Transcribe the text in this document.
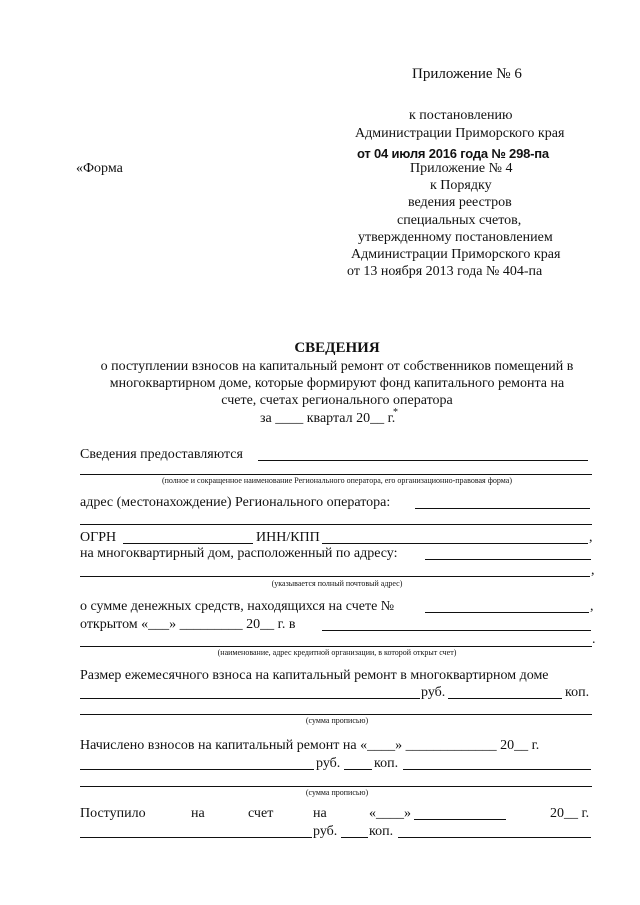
Приложение № 6
к постановлению
Администрации Приморского края
от 04 июля 2016 года № 298-па
«Форма	Приложение № 4
к Порядку
ведения реестров
специальных счетов,
утвержденному постановлением
Администрации Приморского края
от 13 ноября 2013 года № 404-па
СВЕДЕНИЯ
о поступлении взносов на капитальный ремонт от собственников помещений в
многоквартирном доме, которые формируют фонд капитального ремонта на
счете, счетах регионального оператора
за ____ квартал 20__ г.
*
Сведения предоставляются
(полное и сокращенное наименование Регионального оператора, его организационно-правовая форма)
адрес (местонахождение) Регионального оператора:
ОГРН	ИНН/КПП	,
на многоквартирный дом, расположенный по адресу:
,
(указывается полный почтовый адрес)
о сумме денежных средств, находящихся на счете №	,
открытом «___» _________ 20__ г. в
.
(наименование, адрес кредитной организации, в которой открыт счет)
Размер ежемесячного взноса на капитальный ремонт в многоквартирном доме
руб.	коп.
(сумма прописью)
Начислено взносов на капитальный ремонт на «____» _____________ 20__ г.
руб. коп.
(сумма прописью)
Поступило	на	счет	на	«____»	20__ г.
руб. коп.
